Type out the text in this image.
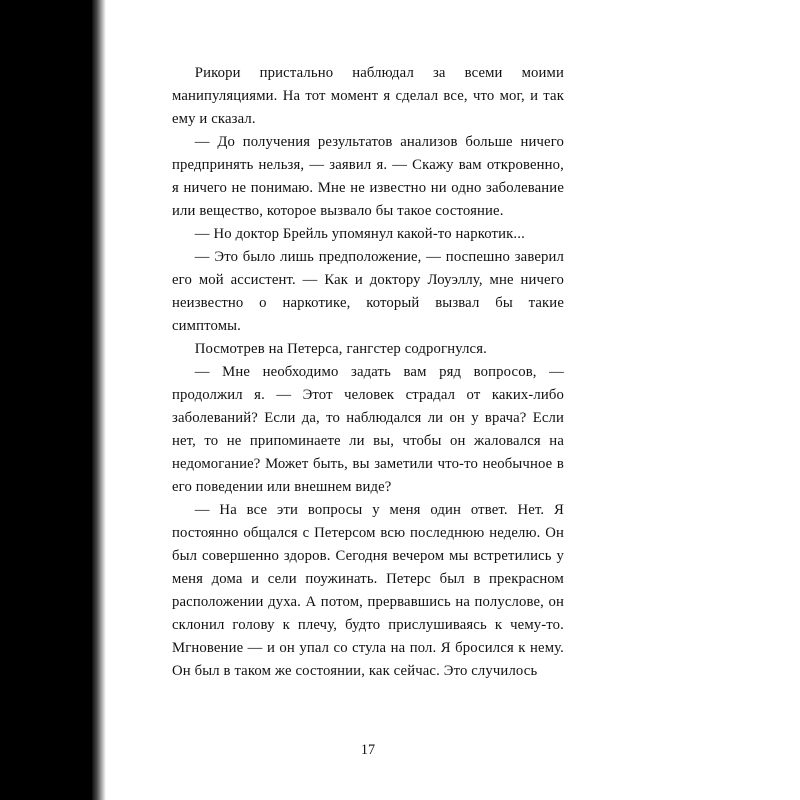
Рикори пристально наблюдал за всеми моими манипуляциями. На тот момент я сделал все, что мог, и так ему и сказал.

— До получения результатов анализов больше ничего предпринять нельзя, — заявил я. — Скажу вам откровенно, я ничего не понимаю. Мне не известно ни одно заболевание или вещество, которое вызвало бы такое состояние.

— Но доктор Брейль упомянул какой-то наркотик...

— Это было лишь предположение, — поспешно заверил его мой ассистент. — Как и доктору Лоуэллу, мне ничего неизвестно о наркотике, который вызвал бы такие симптомы.

Посмотрев на Петерса, гангстер содрогнулся.

— Мне необходимо задать вам ряд вопросов, — продолжил я. — Этот человек страдал от каких-либо заболеваний? Если да, то наблюдался ли он у врача? Если нет, то не припоминаете ли вы, чтобы он жаловался на недомогание? Может быть, вы заметили что-то необычное в его поведении или внешнем виде?

— На все эти вопросы у меня один ответ. Нет. Я постоянно общался с Петерсом всю последнюю неделю. Он был совершенно здоров. Сегодня вечером мы встретились у меня дома и сели поужинать. Петерс был в прекрасном расположении духа. А потом, прервавшись на полуслове, он склонил голову к плечу, будто прислушиваясь к чему-то. Мгновение — и он упал со стула на пол. Я бросился к нему. Он был в таком же состоянии, как сейчас. Это случилось

17
